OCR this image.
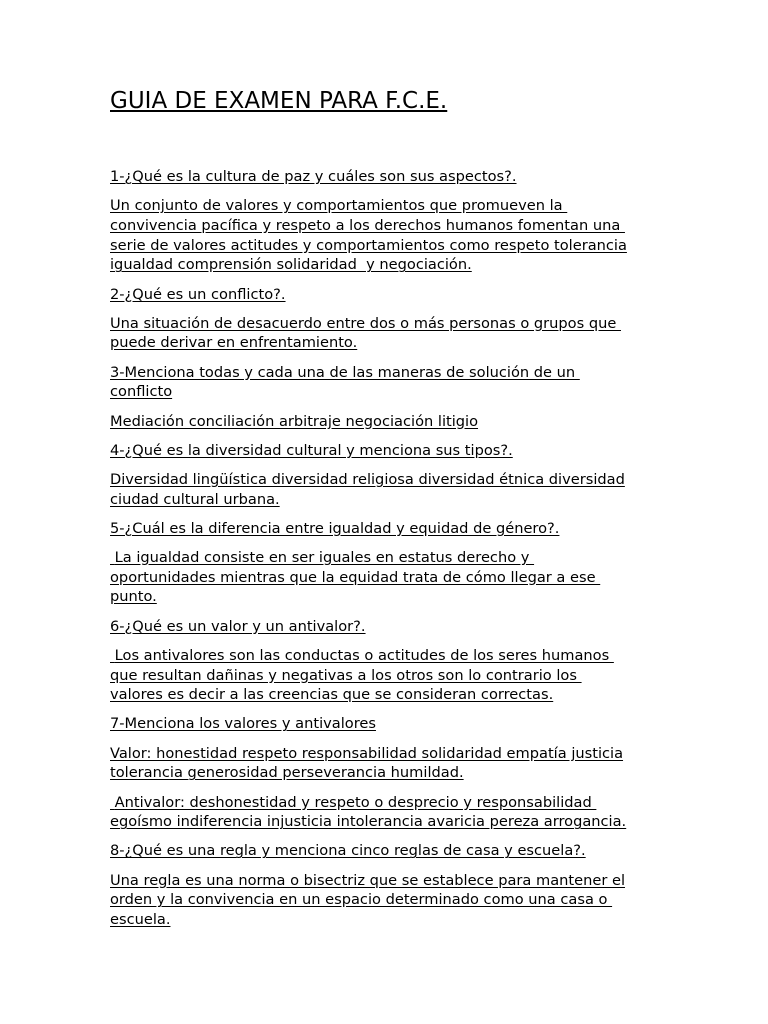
GUIA DE EXAMEN PARA F.C.E.

1-¿Qué es la cultura de paz y cuáles son sus aspectos?.

Un conjunto de valores y comportamientos que promueven la
convivencia pacífica y respeto a los derechos humanos fomentan una
serie de valores actitudes y comportamientos como respeto tolerancia
igualdad comprensión solidaridad  y negociación.

2-¿Qué es un conflicto?.

Una situación de desacuerdo entre dos o más personas o grupos que
puede derivar en enfrentamiento.

3-Menciona todas y cada una de las maneras de solución de un
conflicto

Mediación conciliación arbitraje negociación litigio

4-¿Qué es la diversidad cultural y menciona sus tipos?.

Diversidad lingüística diversidad religiosa diversidad étnica diversidad
ciudad cultural urbana.

5-¿Cuál es la diferencia entre igualdad y equidad de género?.

La igualdad consiste en ser iguales en estatus derecho y
oportunidades mientras que la equidad trata de cómo llegar a ese
punto.

6-¿Qué es un valor y un antivalor?.

Los antivalores son las conductas o actitudes de los seres humanos
que resultan dañinas y negativas a los otros son lo contrario los
valores es decir a las creencias que se consideran correctas.

7-Menciona los valores y antivalores

Valor: honestidad respeto responsabilidad solidaridad empatía justicia
tolerancia generosidad perseverancia humildad.

Antivalor: deshonestidad y respeto o desprecio y responsabilidad
egoísmo indiferencia injusticia intolerancia avaricia pereza arrogancia.

8-¿Qué es una regla y menciona cinco reglas de casa y escuela?.

Una regla es una norma o bisectriz que se establece para mantener el
orden y la convivencia en un espacio determinado como una casa o
escuela.
